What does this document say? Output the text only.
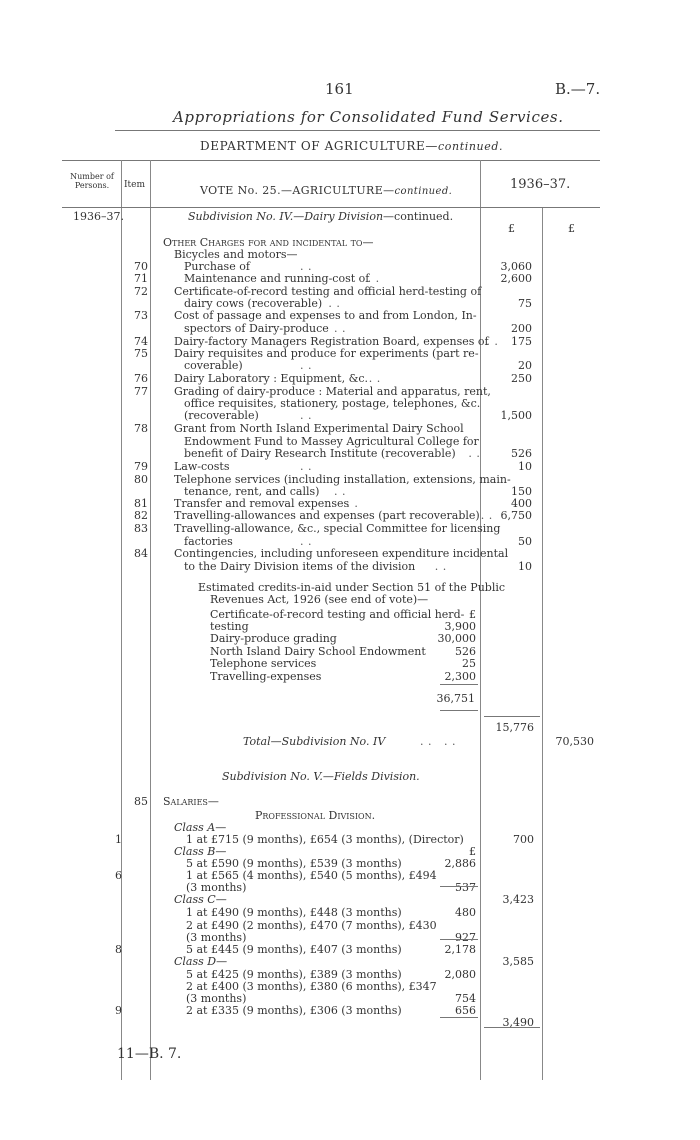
161	B.—7.
Appropriations for Consolidated Fund Services.
DEPARTMENT OF AGRICULTURE—continued.
Number of Persons.	Item	VOTE No. 25.—AGRICULTURE—continued.	1936–37.
1936–37.
£	£
Subdivision No. IV.—Dairy Division—continued.
Other Charges for and incidental to—
Bicycles and motors—
70	Purchase of	. .	3,060
71	Maintenance and running-cost of
. .	2,600
72 Certificate-of-record testing and official herd-testing of
dairy cows (recoverable) . .	75
73 Cost of passage and expenses to and from London, In-
spectors of Dairy-produce . .	200
74 Dairy-factory Managers Registration Board, expenses of
. .	175
75 Dairy requisites and produce for experiments (part re-
coverable)	. .	20
76 Dairy Laboratory : Equipment, &c. . .	250
77 Grading of dairy-produce : Material and apparatus, rent,
office requisites, stationery, postage, telephones, &c.
(recoverable)	. .	1,500
78 Grant from North Island Experimental Dairy School
Endowment Fund to Massey Agricultural College for
benefit of Dairy Research Institute (recoverable) . .	526
79 Law-costs	. .	10
80 Telephone services (including installation, extensions, main-
tenance, rent, and calls) . .	150
81 Transfer and removal expenses
. .	400
82 Travelling-allowances and expenses (part recoverable) . . 6,750
83 Travelling-allowance, &c., special Committee for licensing
factories	. .	50
84 Contingencies, including unforeseen expenditure incidental
to the Dairy Division items of the division . .	10
Estimated credits-in-aid under Section 51 of the Public
Revenues Act, 1926 (see end of vote)—
Certificate-of-record testing and official herd- £
testing	3,900
Dairy-produce grading	30,000
North Island Dairy School Endowment	526
Telephone services	25
Travelling-expenses	2,300
36,751
15,776
Total—Subdivision No. IV	. .   . .	70,530
Subdivision No. V.—Fields Division.
85 Salaries—
Professional Division.
Class A—
1	1 at £715 (9 months), £654 (3 months), (Director)	700
Class B—	£
5 at £590 (9 months), £539 (3 months)	2,886
6	1 at £565 (4 months), £540 (5 months), £494
(3 months)	537
Class C—	3,423
1 at £490 (9 months), £448 (3 months)	480
2 at £490 (2 months), £470 (7 months), £430
(3 months)	927
8	5 at £445 (9 months), £407 (3 months)	2,178
Class D—	3,585
5 at £425 (9 months), £389 (3 months)	2,080
2 at £400 (3 months), £380 (6 months), £347
(3 months)	754
9	2 at £335 (9 months), £306 (3 months)	656
3,490
11—B. 7.
